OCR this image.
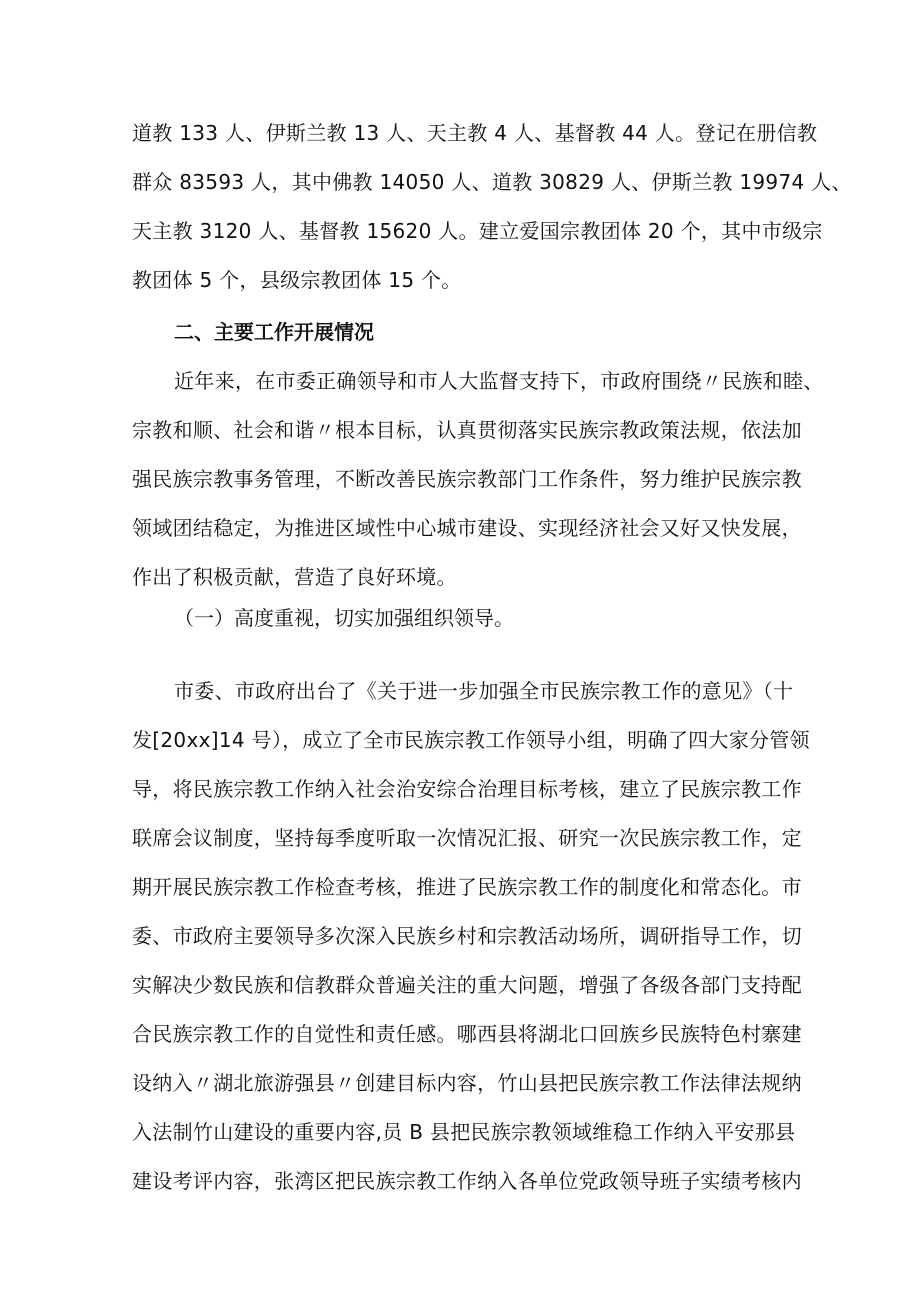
道教 133 人、伊斯兰教 13 人、天主教 4 人、基督教 44 人。登记在册信教
群众 83593 人，其中佛教 14050 人、道教 30829 人、伊斯兰教 19974 人、
天主教 3120 人、基督教 15620 人。建立爱国宗教团体 20 个，其中市级宗
教团体 5 个，县级宗教团体 15 个。
二、主要工作开展情况
近年来，在市委正确领导和市人大监督支持下，市政府围绕〃民族和睦、
宗教和顺、社会和谐〃根本目标，认真贯彻落实民族宗教政策法规，依法加
强民族宗教事务管理，不断改善民族宗教部门工作条件，努力维护民族宗教
领域团结稳定，为推进区域性中心城市建设、实现经济社会又好又快发展，
作出了积极贡献，营造了良好环境。
（一）高度重视，切实加强组织领导。
市委、市政府出台了《关于进一步加强全市民族宗教工作的意见》（十
发[20xx]14 号），成立了全市民族宗教工作领导小组，明确了四大家分管领
导，将民族宗教工作纳入社会治安综合治理目标考核，建立了民族宗教工作
联席会议制度，坚持每季度听取一次情况汇报、研究一次民族宗教工作，定
期开展民族宗教工作检查考核，推进了民族宗教工作的制度化和常态化。市
委、市政府主要领导多次深入民族乡村和宗教活动场所，调研指导工作，切
实解决少数民族和信教群众普遍关注的重大问题，增强了各级各部门支持配
合民族宗教工作的自觉性和责任感。哪西县将湖北口回族乡民族特色村寨建
设纳入〃湖北旅游强县〃创建目标内容，竹山县把民族宗教工作法律法规纳
入法制竹山建设的重要内容,员 B 县把民族宗教领域维稳工作纳入平安那县
建设考评内容，张湾区把民族宗教工作纳入各单位党政领导班子实绩考核内
